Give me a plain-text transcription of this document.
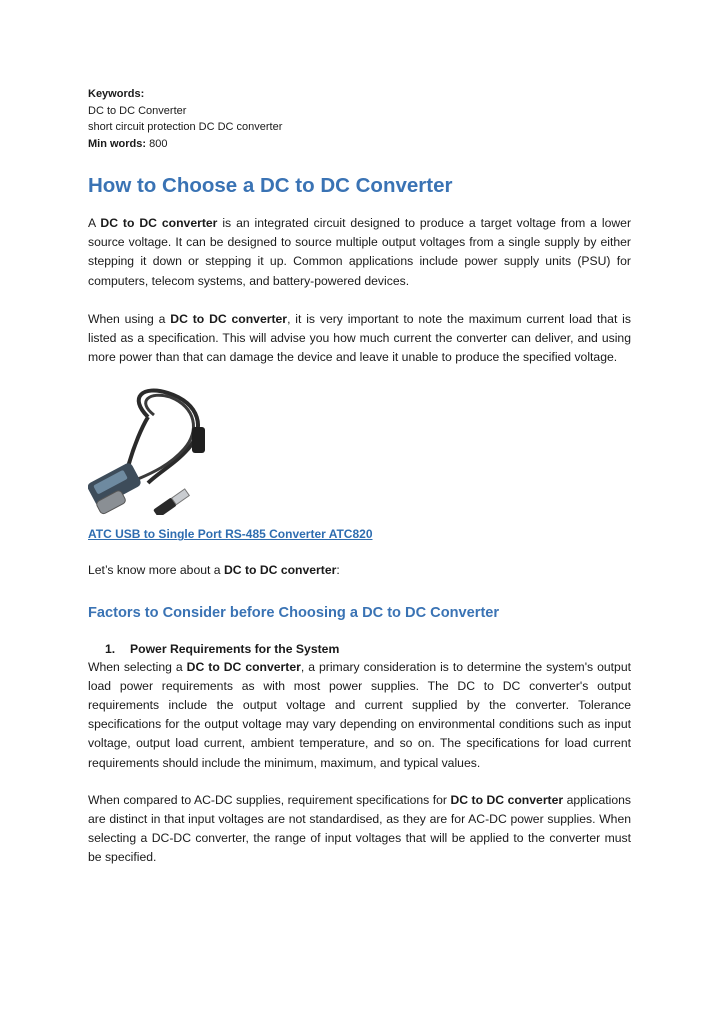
Keywords:
DC to DC Converter
short circuit protection DC DC converter
Min words: 800
How to Choose a DC to DC Converter

A DC to DC converter is an integrated circuit designed to produce a target voltage from a lower source voltage. It can be designed to source multiple output voltages from a single supply by either stepping it down or stepping it up. Common applications include power supply units (PSU) for computers, telecom systems, and battery-powered devices.

When using a DC to DC converter, it is very important to note the maximum current load that is listed as a specification. This will advise you how much current the converter can deliver, and using more power than that can damage the device and leave it unable to produce the specified voltage.

ATC USB to Single Port RS-485 Converter ATC820

Let’s know more about a DC to DC converter:

Factors to Consider before Choosing a DC to DC Converter
1. Power Requirements for the System

When selecting a DC to DC converter, a primary consideration is to determine the system's output load power requirements as with most power supplies. The DC to DC converter's output requirements include the output voltage and current supplied by the converter. Tolerance specifications for the output voltage may vary depending on environmental conditions such as input voltage, output load current, ambient temperature, and so on. The specifications for load current requirements should include the minimum, maximum, and typical values.

When compared to AC-DC supplies, requirement specifications for DC to DC converter applications are distinct in that input voltages are not standardised, as they are for AC-DC power supplies. When selecting a DC-DC converter, the range of input voltages that will be applied to the converter must be specified.
